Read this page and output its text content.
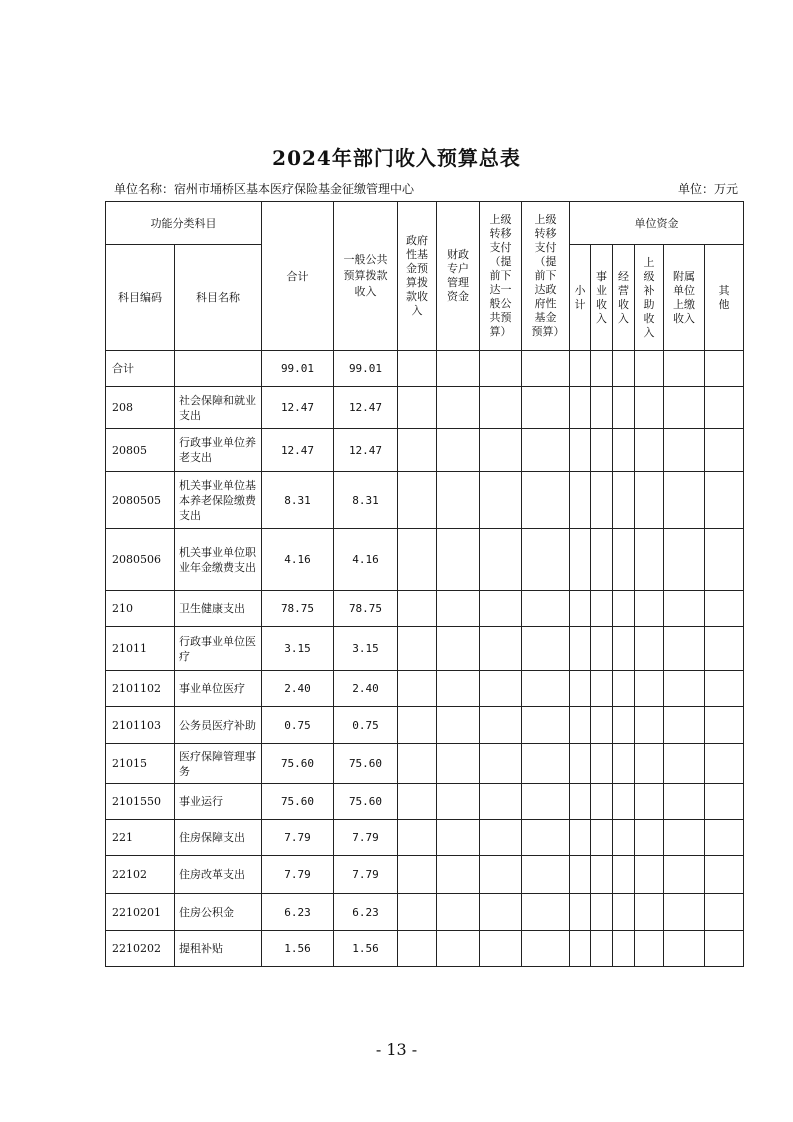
2024年部门收入预算总表
单位名称：宿州市埇桥区基本医疗保险基金征缴管理中心	单位：万元
功能分类科目		合计	一般公共预算拨款收入	政府性基金预算拨款收入	财政专户管理资金	上级转移支付（提前下达一般公共预算）	上级转移支付（提前下达政府性基金预算）	单位资金					
科目编码	科目名称							小计	事业收入	经营收入	上级补助收入	附属单位上缴收入	其他
合计		99.01	99.01										
208	社会保障和就业支出	12.47	12.47										
20805	行政事业单位养老支出	12.47	12.47										
2080505	机关事业单位基本养老保险缴费支出	8.31	8.31										
2080506	机关事业单位职业年金缴费支出	4.16	4.16										
210	卫生健康支出	78.75	78.75										
21011	行政事业单位医疗	3.15	3.15										
2101102	事业单位医疗	2.40	2.40										
2101103	公务员医疗补助	0.75	0.75										
21015	医疗保障管理事务	75.60	75.60										
2101550	事业运行	75.60	75.60										
221	住房保障支出	7.79	7.79										
22102	住房改革支出	7.79	7.79										
2210201	住房公积金	6.23	6.23										
2210202	提租补贴	1.56	1.56										
- 13 -
